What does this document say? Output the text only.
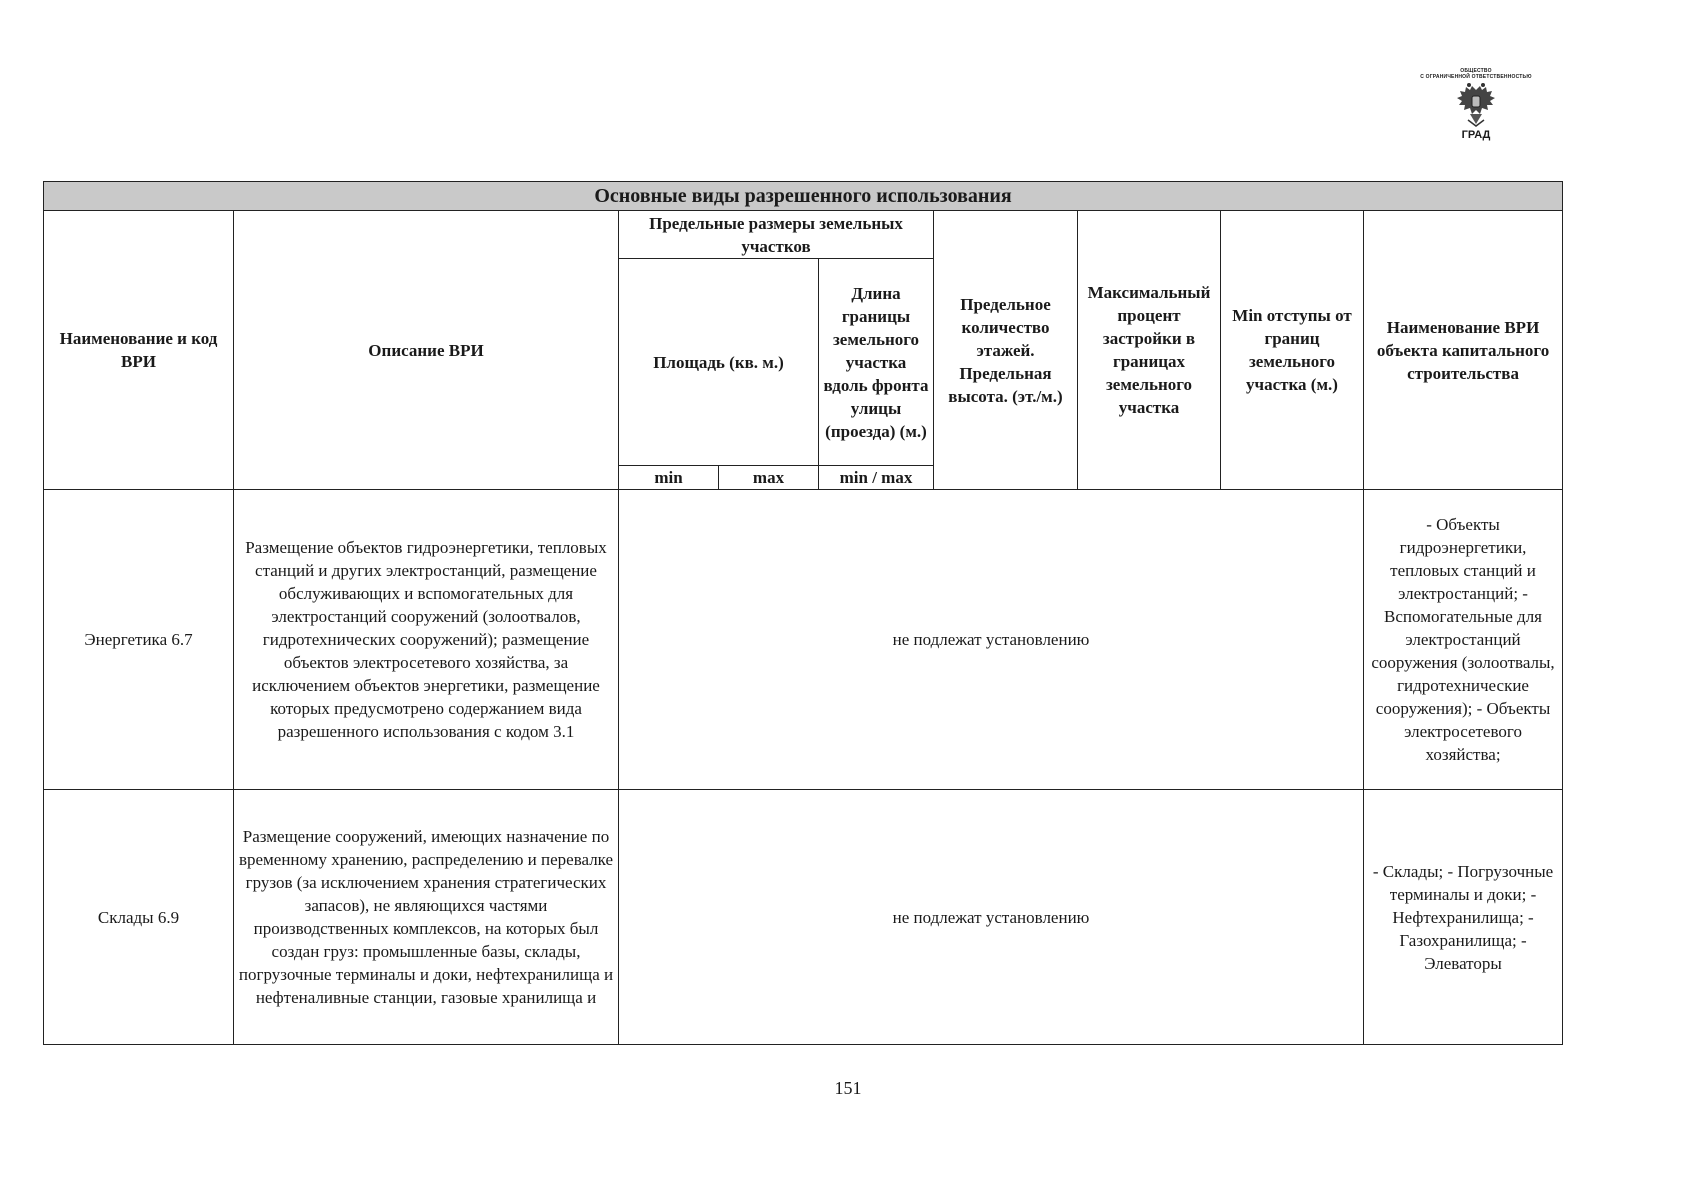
ОБЩЕСТВО
С ОГРАНИЧЕННОЙ ОТВЕТСТВЕННОСТЬЮ
ГРАД
Основные виды разрешенного использования								
Наименование и код ВРИ	Описание ВРИ	Предельные размеры земельных участков			Предельное количество этажей. Предельная высота. (эт./м.)	Максимальный процент застройки в границах земельного участка	Min отступы от границ земельного участка (м.)	Наименование ВРИ объекта капитального строительства
		Площадь (кв. м.)		Длина границы земельного участка вдоль фронта улицы (проезда) (м.)				
		min	max	min / max				
Энергетика 6.7	Размещение объектов гидроэнергетики, тепловых станций и других электростанций, размещение обслуживающих и вспомогательных для электростанций сооружений (золоотвалов, гидротехнических сооружений); размещение объектов электросетевого хозяйства, за исключением объектов энергетики, размещение которых предусмотрено содержанием вида разрешенного использования с кодом 3.1	не подлежат установлению						- Объекты гидроэнергетики, тепловых станций и электростанций; - Вспомогательные для электростанций сооружения (золоотвалы, гидротехнические сооружения); - Объекты электросетевого хозяйства;
Склады 6.9	Размещение сооружений, имеющих назначение по временному хранению, распределению и перевалке грузов (за исключением хранения стратегических запасов), не являющихся частями производственных комплексов, на которых был создан груз: промышленные базы, склады, погрузочные терминалы и доки, нефтехранилища и нефтеналивные станции, газовые хранилища и	не подлежат установлению						- Склады; - Погрузочные терминалы и доки; - Нефтехранилища; - Газохранилища; - Элеваторы
151
